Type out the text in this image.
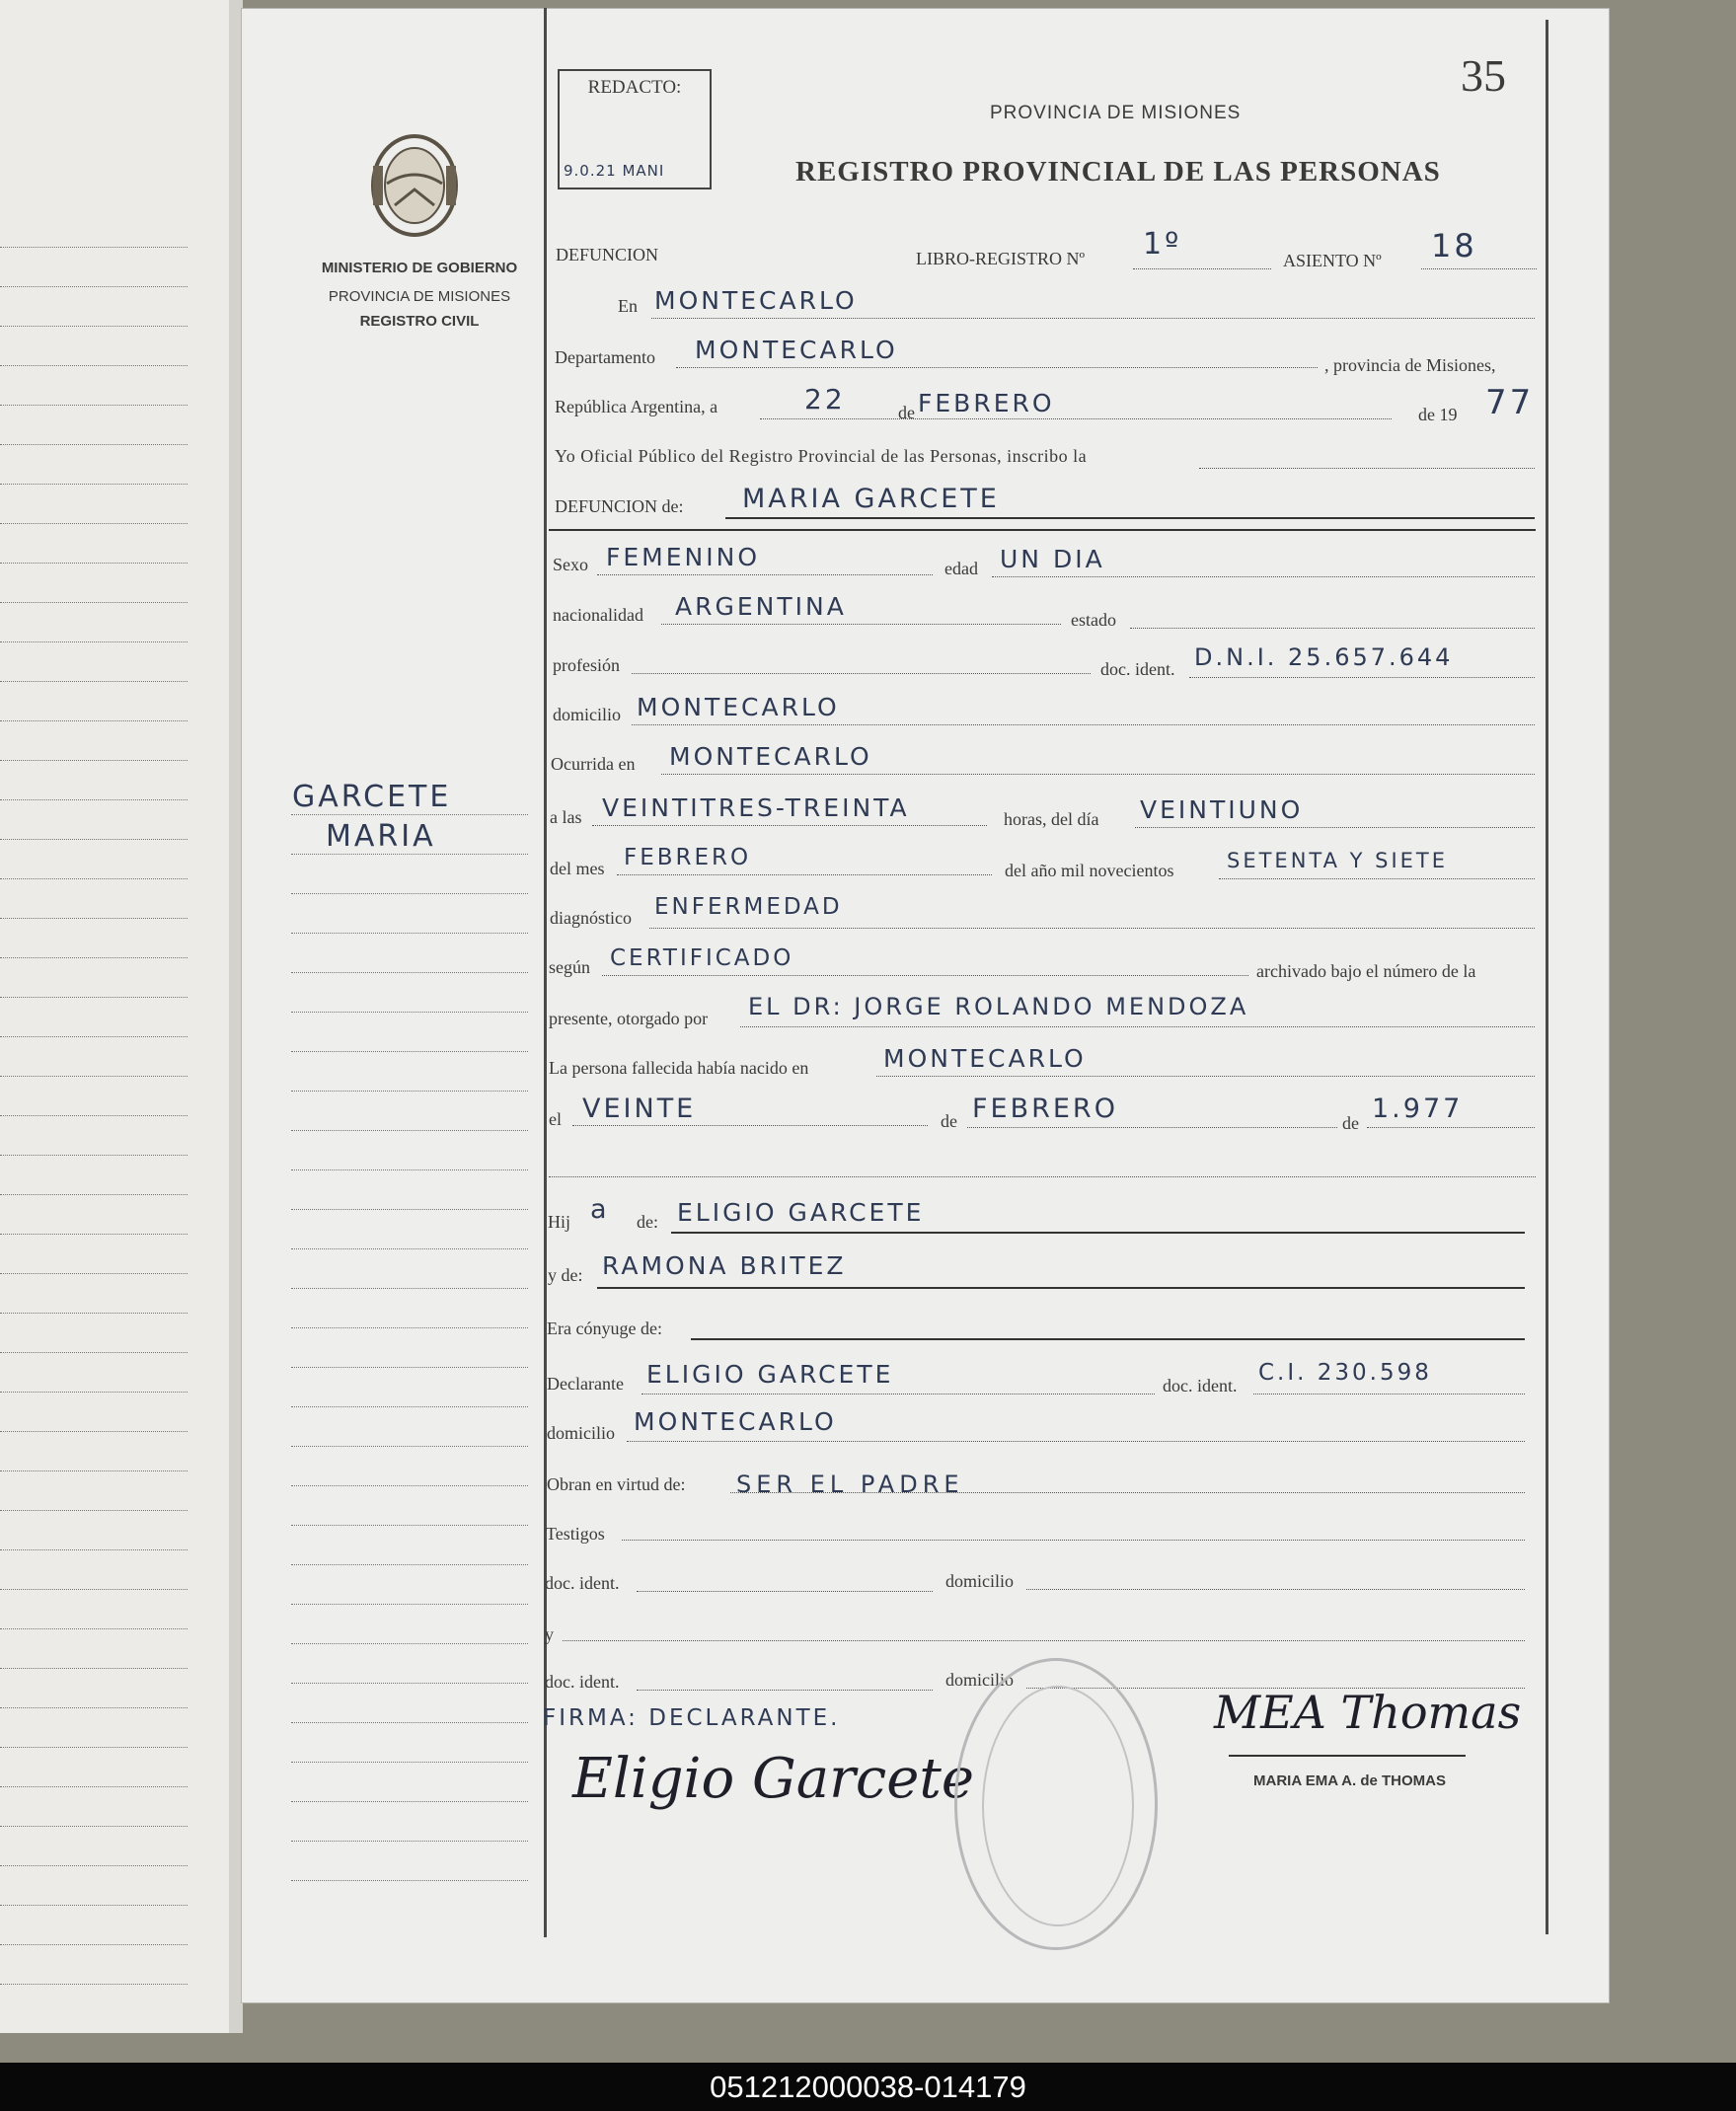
35
REDACTO:
9.0.21 MANI
PROVINCIA DE MISIONES
REGISTRO PROVINCIAL DE LAS PERSONAS
MINISTERIO DE GOBIERNO
PROVINCIA DE MISIONES
REGISTRO CIVIL
GARCETE
MARIA
DEFUNCION	LIBRO-REGISTRO Nº 1º	ASIENTO Nº 18
En MONTECARLO
Departamento MONTECARLO
, provincia de Misiones,
República Argentina, a	22	de FEBRERO	de 19 77
Yo Oficial Público del Registro Provincial de las Personas, inscribo la
DEFUNCION de: MARIA GARCETE
Sexo FEMENINO	edad UN DIA
nacionalidad ARGENTINA	estado
profesión	doc. ident. D.N.I. 25.657.644
domicilio MONTECARLO
Ocurrida en MONTECARLO
a las VEINTITRES-TREINTA	horas, del día VEINTIUNO
del mes FEBRERO	del año mil novecientos	SETENTA Y SIETE
diagnóstico ENFERMEDAD
según CERTIFICADO	archivado bajo el número de la
presente, otorgado por EL DR: JORGE ROLANDO MENDOZA
La persona fallecida había nacido en	MONTECARLO
el VEINTE	de FEBRERO	de 1.977
Hij a de: ELIGIO GARCETE
y de: RAMONA BRITEZ
Era cónyuge de:
Declarante ELIGIO GARCETE	doc. ident. C.I. 230.598
domicilio MONTECARLO
Obran en virtud de: SER EL PADRE
Testigos
doc. ident.	domicilio
y
doc. ident.	domicilio
FIRMA: DECLARANTE.
Eligio Garcete
MEA Thomas
MARIA EMA A. de THOMAS
051212000038-014179
